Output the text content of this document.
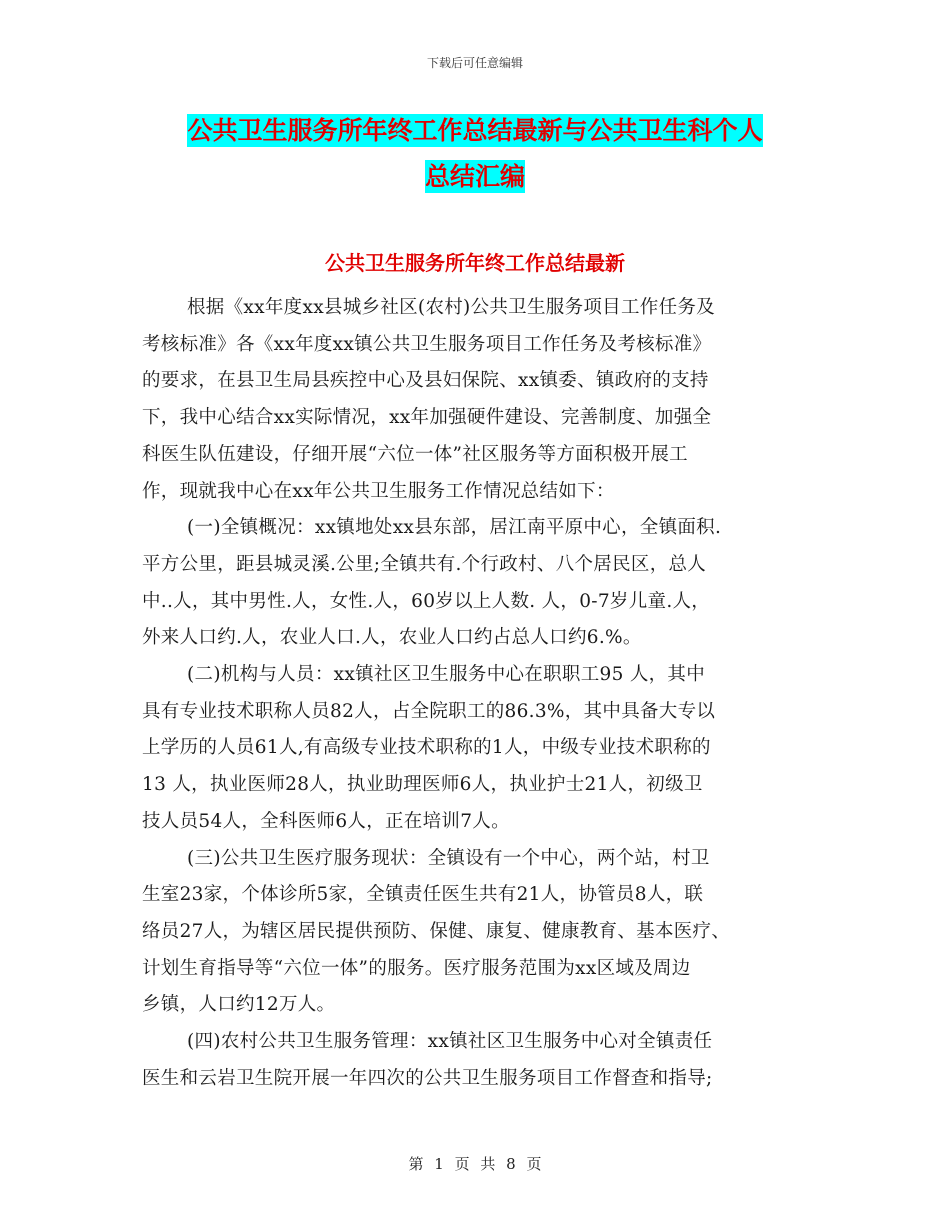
下载后可任意编辑
公共卫生服务所年终工作总结最新与公共卫生科个人
总结汇编
公共卫生服务所年终工作总结最新
根据《xx年度xx县城乡社区(农村)公共卫生服务项目工作任务及
考核标准》各《xx年度xx镇公共卫生服务项目工作任务及考核标准》
的要求，在县卫生局县疾控中心及县妇保院、xx镇委、镇政府的支持
下，我中心结合xx实际情况，xx年加强硬件建设、完善制度、加强全
科医生队伍建设，仔细开展“六位一体”社区服务等方面积极开展工
作，现就我中心在xx年公共卫生服务工作情况总结如下：
(一)全镇概况：xx镇地处xx县东部，居江南平原中心，全镇面积.
平方公里，距县城灵溪.公里;全镇共有.个行政村、八个居民区，总人
中..人，其中男性.人，女性.人，60岁以上人数. 人，0-7岁儿童.人，
外来人口约.人，农业人口.人，农业人口约占总人口约6.%。
(二)机构与人员：xx镇社区卫生服务中心在职职工95 人，其中
具有专业技术职称人员82人，占全院职工的86.3%，其中具备大专以
上学历的人员61人,有高级专业技术职称的1人，中级专业技术职称的
13 人，执业医师28人，执业助理医师6人，执业护士21人，初级卫
技人员54人，全科医师6人，正在培训7人。
(三)公共卫生医疗服务现状：全镇设有一个中心，两个站，村卫
生室23家，个体诊所5家，全镇责任医生共有21人，协管员8人，联
络员27人，为辖区居民提供预防、保健、康复、健康教育、基本医疗、
计划生育指导等“六位一体”的服务。医疗服务范围为xx区域及周边
乡镇，人口约12万人。
(四)农村公共卫生服务管理：xx镇社区卫生服务中心对全镇责任
医生和云岩卫生院开展一年四次的公共卫生服务项目工作督查和指导;
第 1 页 共 8 页
